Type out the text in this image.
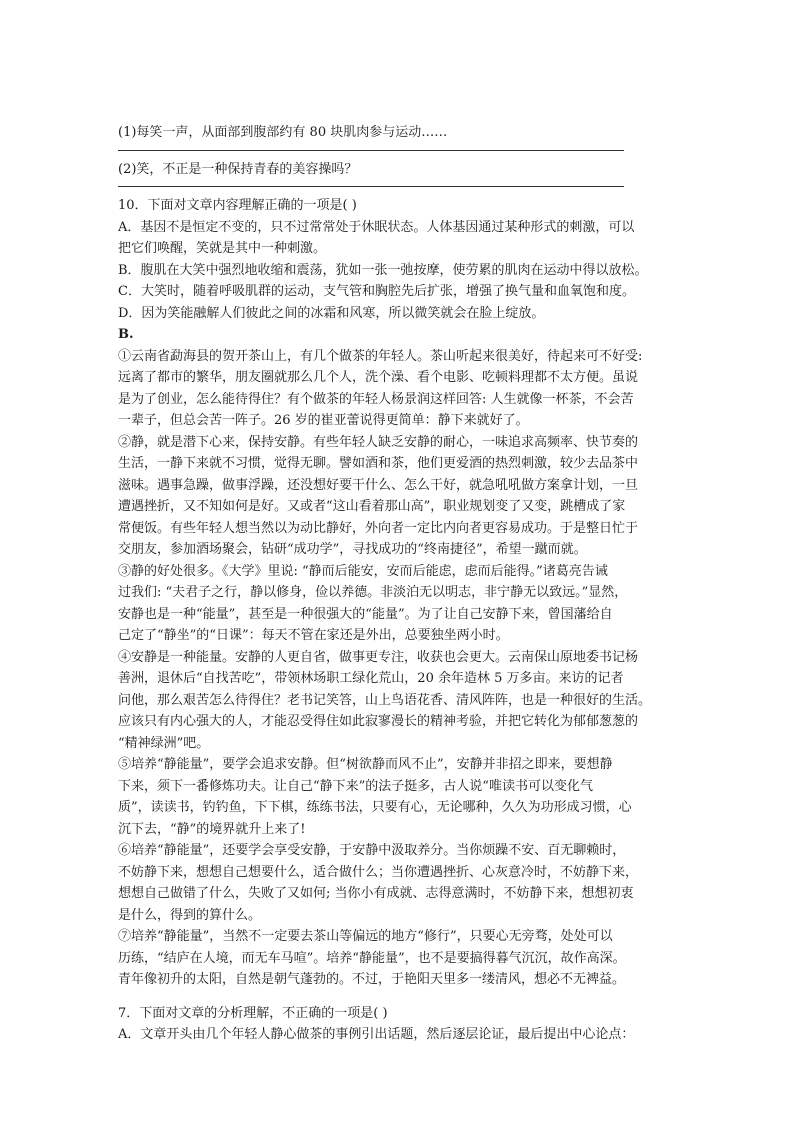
(1)每笑一声，从面部到腹部约有 80 块肌肉参与运动……
(2)笑，不正是一种保持青春的美容操吗？
10．下面对文章内容理解正确的一项是( )
A．基因不是恒定不变的，只不过常常处于休眠状态。人体基因通过某种形式的刺激，可以
把它们唤醒，笑就是其中一种刺激。
B．腹肌在大笑中强烈地收缩和震荡，犹如一张一弛按摩，使劳累的肌肉在运动中得以放松。
C．大笑时，随着呼吸肌群的运动，支气管和胸腔先后扩张，增强了换气量和血氧饱和度。
D．因为笑能融解人们彼此之间的冰霜和风寒，所以微笑就会在脸上绽放。
B.
①云南省勐海县的贺开茶山上，有几个做茶的年轻人。茶山听起来很美好，待起来可不好受:
远离了都市的繁华，朋友圈就那么几个人，洗个澡、看个电影、吃顿料理都不太方便。虽说
是为了创业，怎么能待得住？有个做茶的年轻人杨景润这样回答: 人生就像一杯茶，不会苦
一辈子，但总会苦一阵子。26 岁的崔亚蕾说得更简单：静下来就好了。
②静，就是潜下心来，保持安静。有些年轻人缺乏安静的耐心，一味追求高频率、快节奏的
生活，一静下来就不习惯，觉得无聊。譬如酒和茶，他们更爱酒的热烈刺激，较少去品茶中
滋味。遇事急躁，做事浮躁，还没想好要干什么、怎么干好，就急吼吼做方案拿计划，一旦
遭遇挫折，又不知如何是好。又或者“这山看着那山高”，职业规划变了又变，跳槽成了家
常便饭。有些年轻人想当然以为动比静好，外向者一定比内向者更容易成功。于是整日忙于
交朋友，参加酒场聚会，钻研“成功学”，寻找成功的“终南捷径”，希望一蹴而就。
③静的好处很多。《大学》里说: “静而后能安，安而后能虑，虑而后能得。”诸葛亮告诫
过我们: “夫君子之行，静以修身，俭以养德。非淡泊无以明志，非宁静无以致远。”显然，
安静也是一种“能量”，甚至是一种很强大的“能量”。为了让自己安静下来，曾国藩给自
己定了“静坐”的“日课”：每天不管在家还是外出，总要独坐两小时。
④安静是一种能量。安静的人更自省，做事更专注，收获也会更大。云南保山原地委书记杨
善洲，退休后“自找苦吃”，带领林场职工绿化荒山，20 余年造林 5 万多亩。来访的记者
问他，那么艰苦怎么待得住？老书记笑答，山上鸟语花香、清风阵阵，也是一种很好的生活。
应该只有内心强大的人，才能忍受得住如此寂寥漫长的精神考验，并把它转化为郁郁葱葱的
“精神绿洲”吧。
⑤培养“静能量”，要学会追求安静。但“树欲静而风不止”，安静并非招之即来，要想静
下来，须下一番修炼功夫。让自己“静下来”的法子挺多，古人说“唯读书可以变化气
质”，读读书，钓钓鱼，下下棋，练练书法，只要有心，无论哪种，久久为功形成习惯，心
沉下去，“静”的境界就升上来了!
⑥培养“静能量”，还要学会享受安静，于安静中汲取养分。当你烦躁不安、百无聊赖时，
不妨静下来，想想自己想要什么，适合做什么；当你遭遇挫折、心灰意冷时，不妨静下来，
想想自己做错了什么，失败了又如何; 当你小有成就、志得意满时，不妨静下来，想想初衷
是什么，得到的算什么。
⑦培养“静能量”，当然不一定要去茶山等偏远的地方“修行”，只要心无旁骛，处处可以
历练，“结庐在人境，而无车马喧”。培养“静能量”，也不是要搞得暮气沉沉，故作高深。
青年像初升的太阳，自然是朝气蓬勃的。不过，于艳阳天里多一缕清风，想必不无裨益。
7．下面对文章的分析理解，不正确的一项是( )
A．文章开头由几个年轻人静心做茶的事例引出话题，然后逐层论证，最后提出中心论点：
